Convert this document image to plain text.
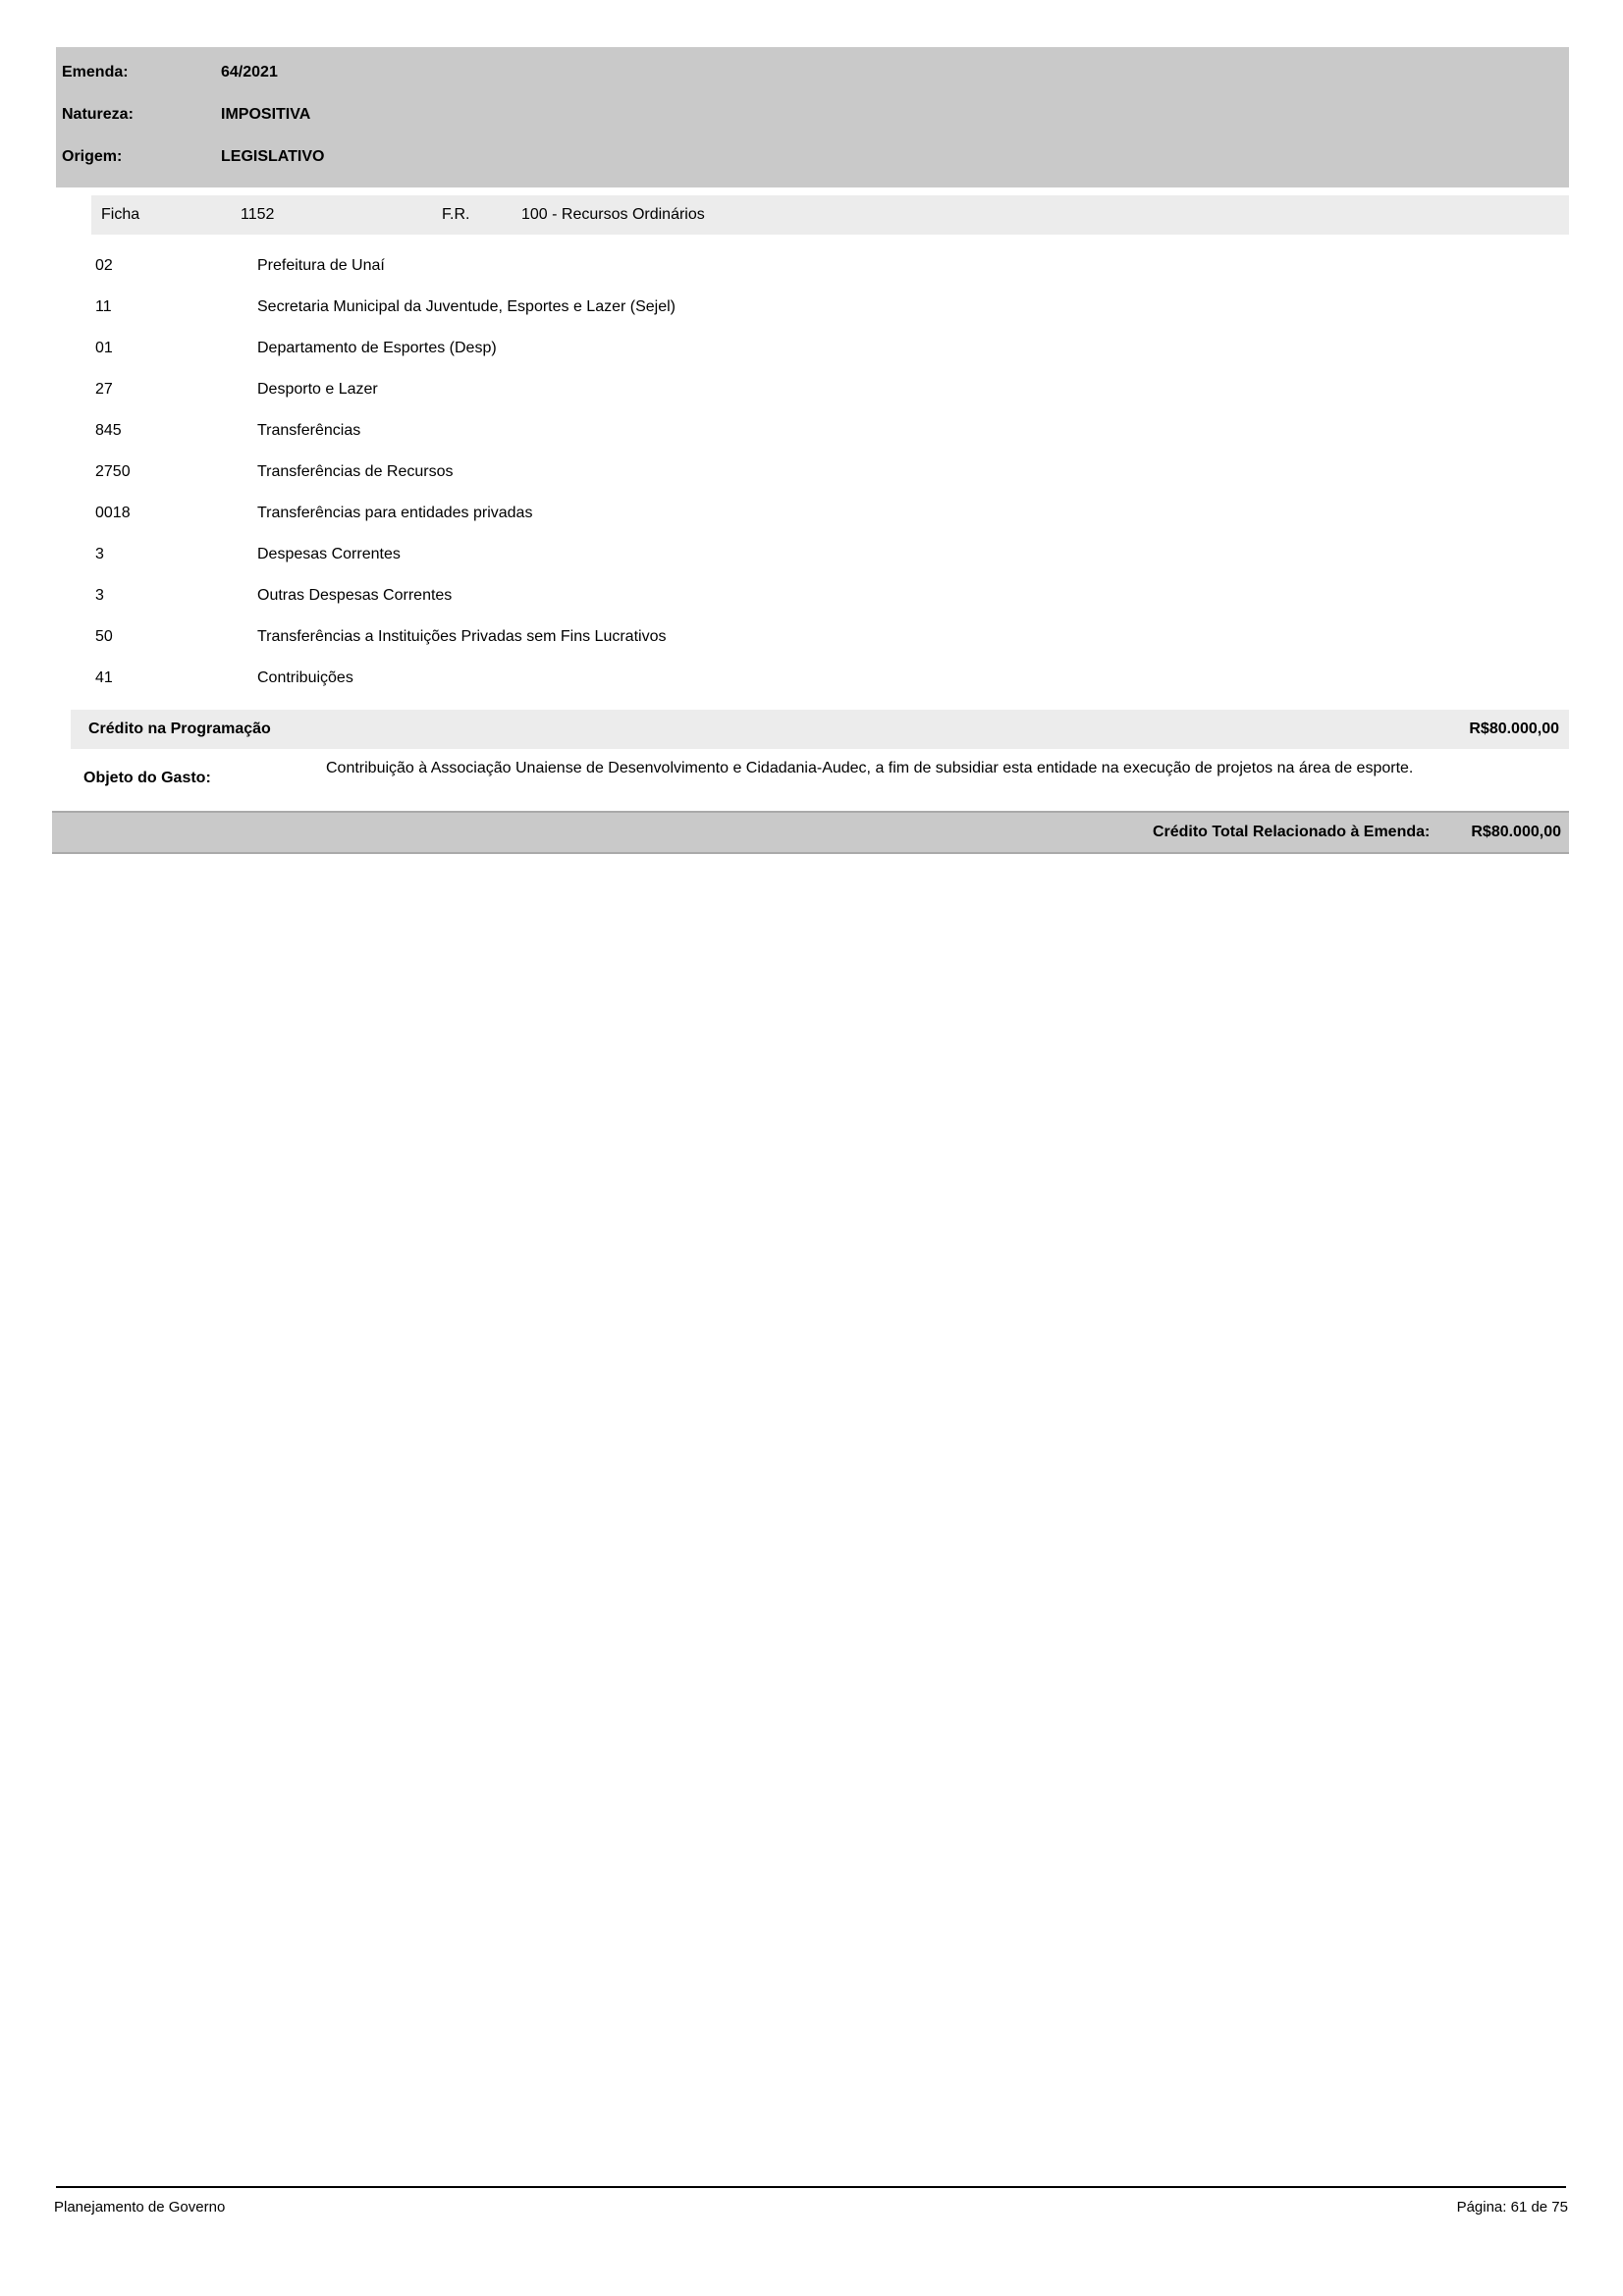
Emenda:	64/2021
Natureza:	IMPOSITIVA
Origem:	LEGISLATIVO
Ficha	1152	F.R.	100 - Recursos Ordinários
02	Prefeitura de Unaí
11	Secretaria Municipal da Juventude, Esportes e Lazer (Sejel)
01	Departamento de Esportes (Desp)
27	Desporto e Lazer
845	Transferências
2750	Transferências de Recursos
0018	Transferências para entidades privadas
3	Despesas Correntes
3	Outras Despesas Correntes
50	Transferências a Instituições Privadas sem Fins Lucrativos
41	Contribuições
Crédito na Programação	R$80.000,00
Objeto do Gasto:
Contribuição à Associação Unaiense de Desenvolvimento e Cidadania-Audec, a fim de subsidiar esta entidade na execução de projetos na área de esporte.
Crédito Total Relacionado à Emenda:	R$80.000,00
Planejamento de Governo	Página: 61 de 75
